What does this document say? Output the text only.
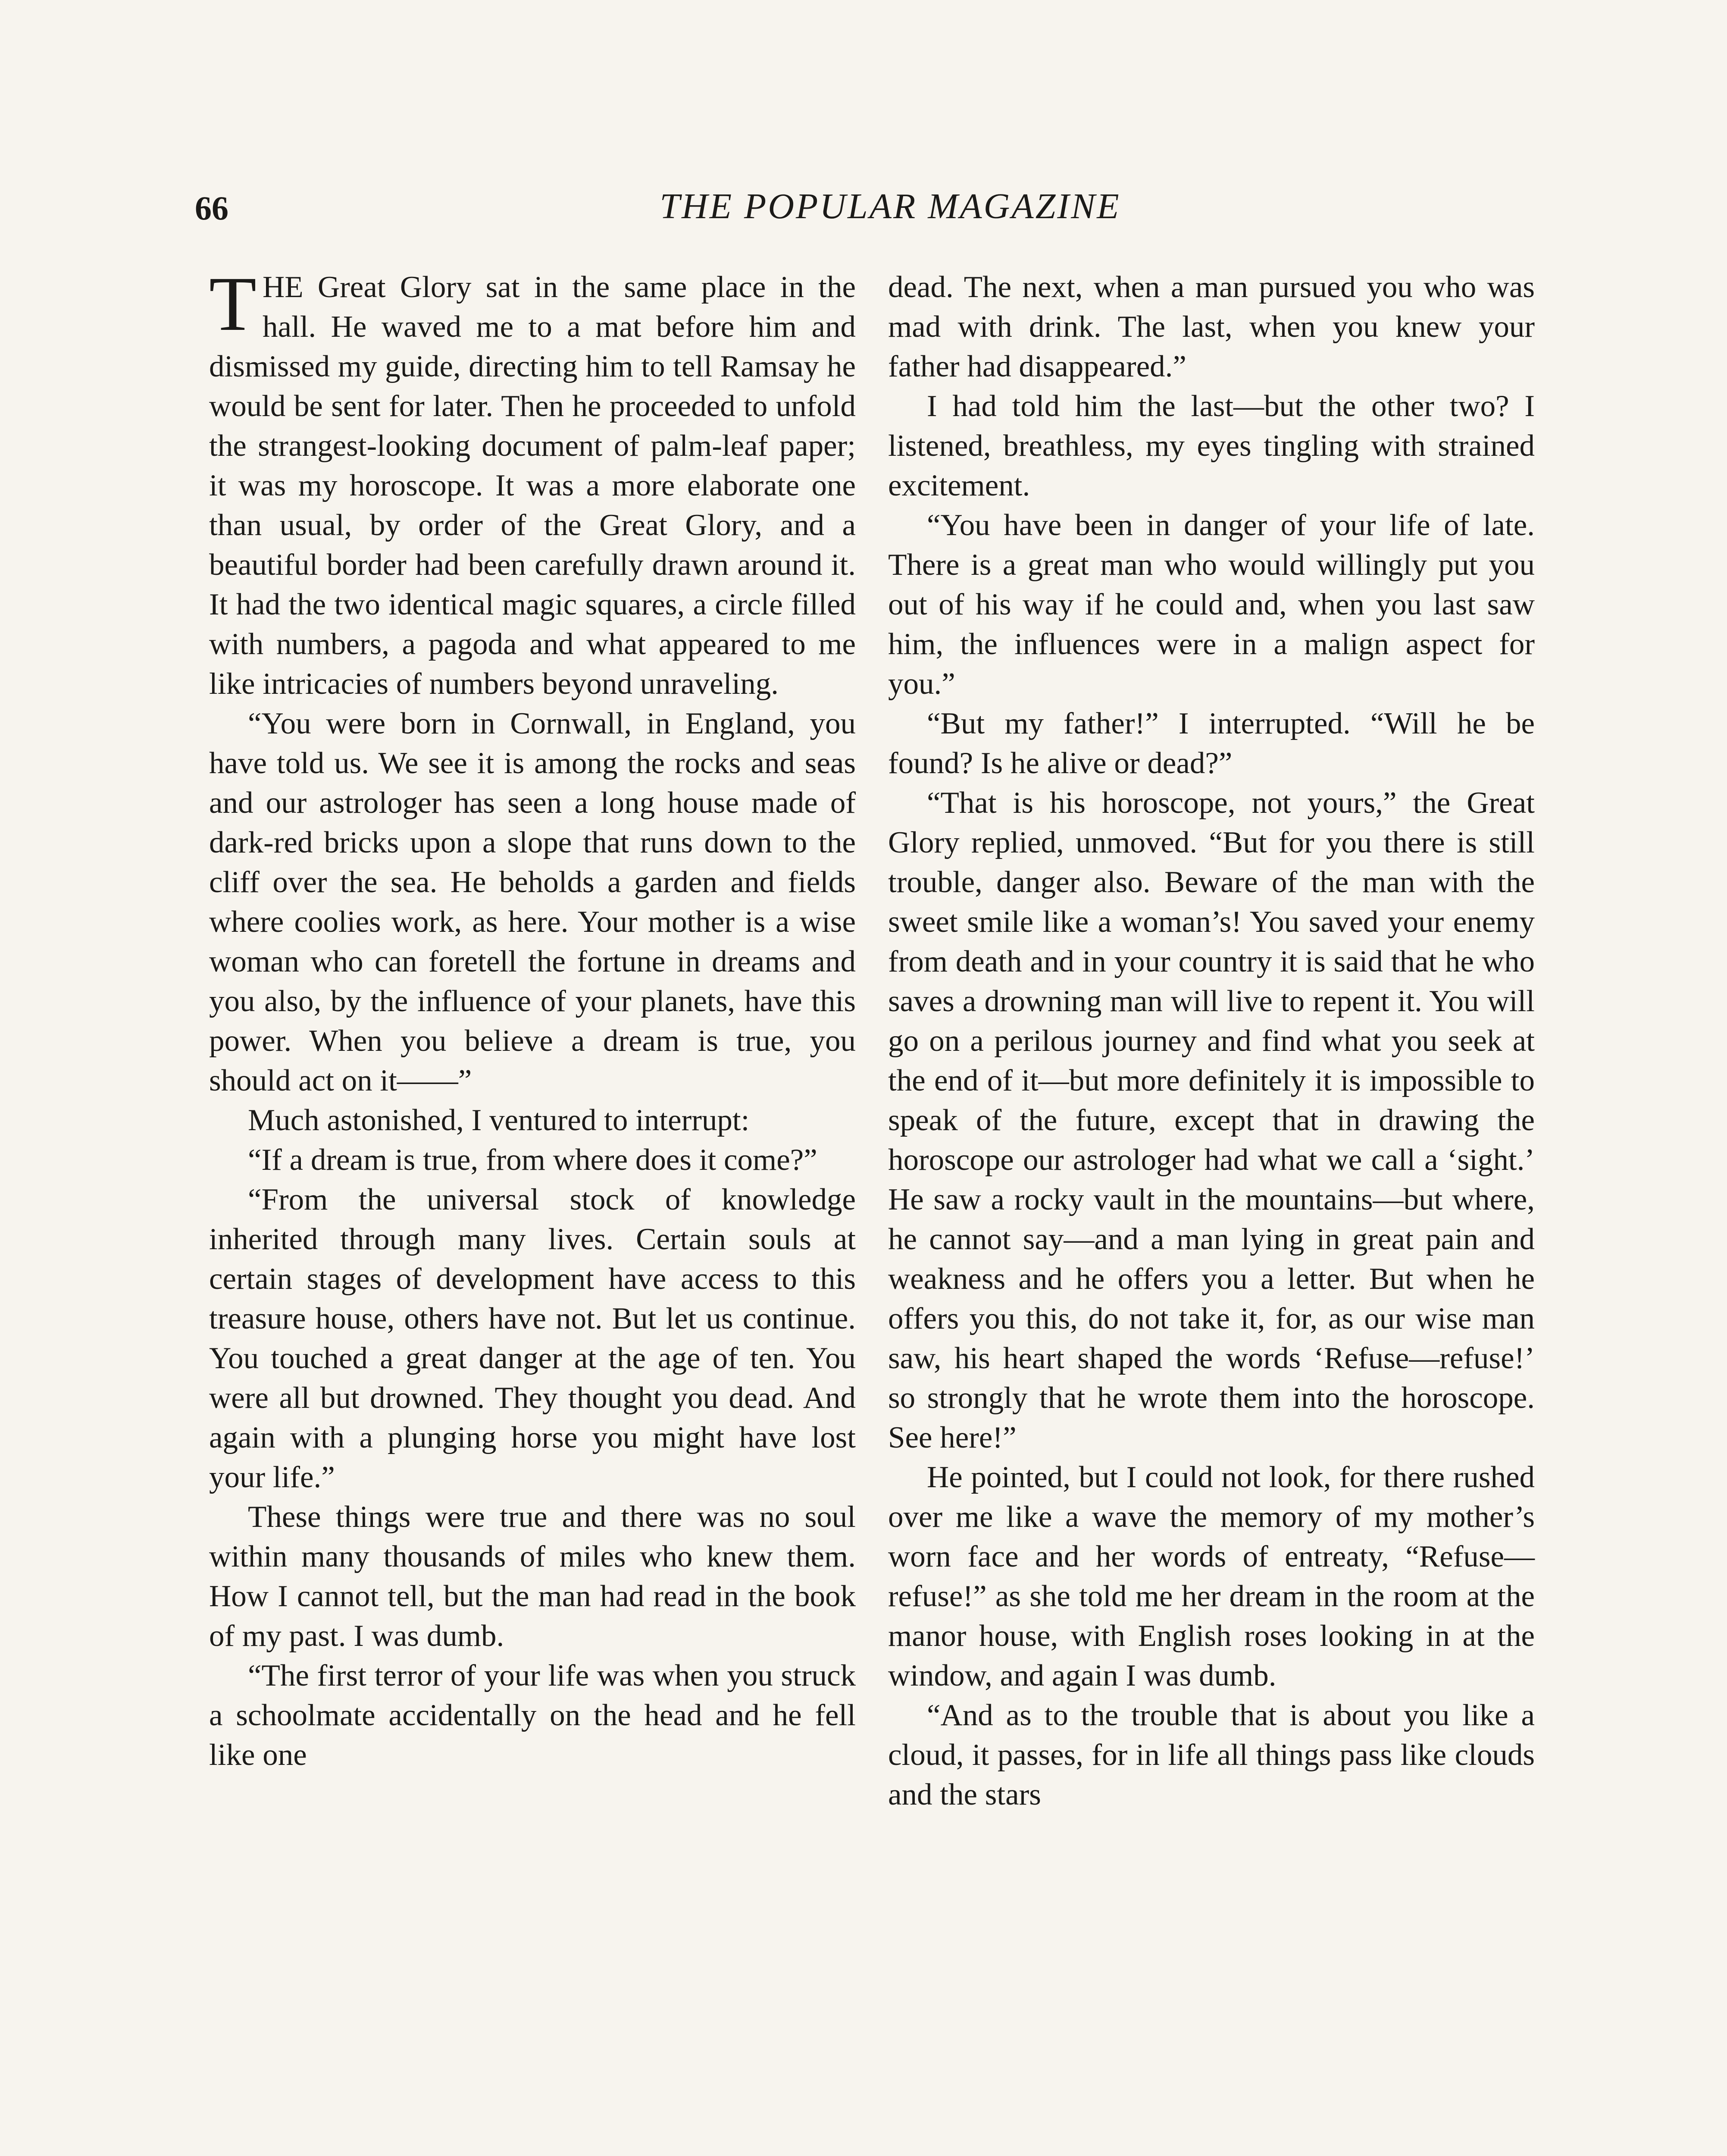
66	THE POPULAR MAGAZINE

THE Great Glory sat in the same place in the hall. He waved me to a mat before him and dismissed my guide, directing him to tell Ramsay he would be sent for later. Then he proceeded to unfold the strangest-looking document of palm-leaf paper; it was my horoscope. It was a more elaborate one than usual, by order of the Great Glory, and a beautiful border had been carefully drawn around it. It had the two identical magic squares, a circle filled with numbers, a pagoda and what appeared to me like intricacies of numbers beyond unraveling.

“You were born in Cornwall, in England, you have told us. We see it is among the rocks and seas and our astrologer has seen a long house made of dark-red bricks upon a slope that runs down to the cliff over the sea. He beholds a garden and fields where coolies work, as here. Your mother is a wise woman who can foretell the fortune in dreams and you also, by the influence of your planets, have this power. When you believe a dream is true, you should act on it——”

Much astonished, I ventured to interrupt:

“If a dream is true, from where does it come?”

“From the universal stock of knowledge inherited through many lives. Certain souls at certain stages of development have access to this treasure house, others have not. But let us continue. You touched a great danger at the age of ten. You were all but drowned. They thought you dead. And again with a plunging horse you might have lost your life.”

These things were true and there was no soul within many thousands of miles who knew them. How I cannot tell, but the man had read in the book of my past. I was dumb.

“The first terror of your life was when you struck a schoolmate accidentally on the head and he fell like one

dead. The next, when a man pursued you who was mad with drink. The last, when you knew your father had disappeared.”

I had told him the last—but the other two? I listened, breathless, my eyes tingling with strained excitement.

“You have been in danger of your life of late. There is a great man who would willingly put you out of his way if he could and, when you last saw him, the influences were in a malign aspect for you.”

“But my father!” I interrupted. “Will he be found? Is he alive or dead?”

“That is his horoscope, not yours,” the Great Glory replied, unmoved. “But for you there is still trouble, danger also. Beware of the man with the sweet smile like a woman’s! You saved your enemy from death and in your country it is said that he who saves a drowning man will live to repent it. You will go on a perilous journey and find what you seek at the end of it—but more definitely it is impossible to speak of the future, except that in drawing the horoscope our astrologer had what we call a ‘sight.’ He saw a rocky vault in the mountains—but where, he cannot say—and a man lying in great pain and weakness and he offers you a letter. But when he offers you this, do not take it, for, as our wise man saw, his heart shaped the words ‘Refuse—refuse!’ so strongly that he wrote them into the horoscope. See here!”

He pointed, but I could not look, for there rushed over me like a wave the memory of my mother’s worn face and her words of entreaty, “Refuse—refuse!” as she told me her dream in the room at the manor house, with English roses looking in at the window, and again I was dumb.

“And as to the trouble that is about you like a cloud, it passes, for in life all things pass like clouds and the stars
